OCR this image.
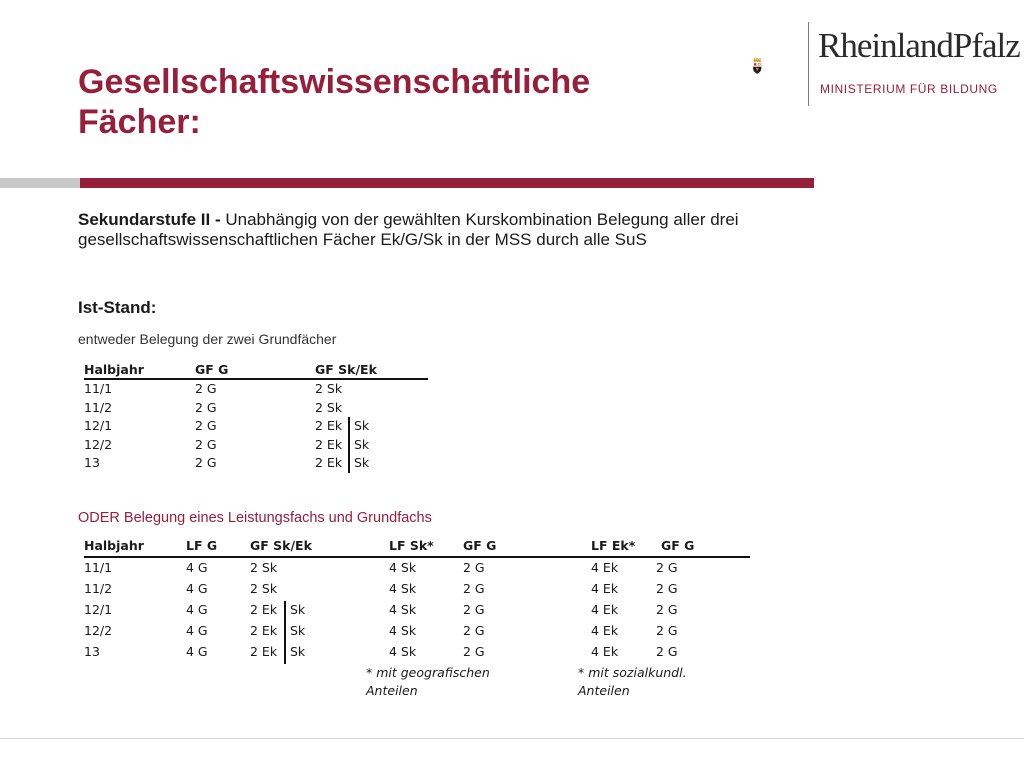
Gesellschaftswissenschaftliche
Fächer:
RheinlandPfalz
MINISTERIUM FÜR BILDUNG
Sekundarstufe II - Unabhängig von der gewählten Kurskombination Belegung aller drei gesellschaftswissenschaftlichen Fächer Ek/G/Sk in der MSS durch alle SuS
Ist-Stand:
entweder Belegung der zwei Grundfächer
Halbjahr	GF G	GF Sk/Ek
11/1	2 G	2 Sk
11/2	2 G	2 Sk
12/1	2 G	2 Ek Sk
12/2	2 G	2 Ek Sk
13	2 G	2 Ek Sk
ODER Belegung eines Leistungsfachs und Grundfachs
Halbjahr	LF G	GF Sk/Ek	LF Sk* GF G	LF Ek* GF G
11/1	4 G	2 Sk	4 Sk	2 G	4 Ek	2 G
11/2	4 G	2 Sk	4 Sk	2 G	4 Ek	2 G
12/1	4 G	2 Ek Sk	4 Sk	2 G	4 Ek	2 G
12/2	4 G	2 Ek Sk	4 Sk	2 G	4 Ek	2 G
13	4 G	2 Ek Sk	4 Sk	2 G	4 Ek	2 G
* mit geografischen
Anteilen
* mit sozialkundl.
Anteilen
